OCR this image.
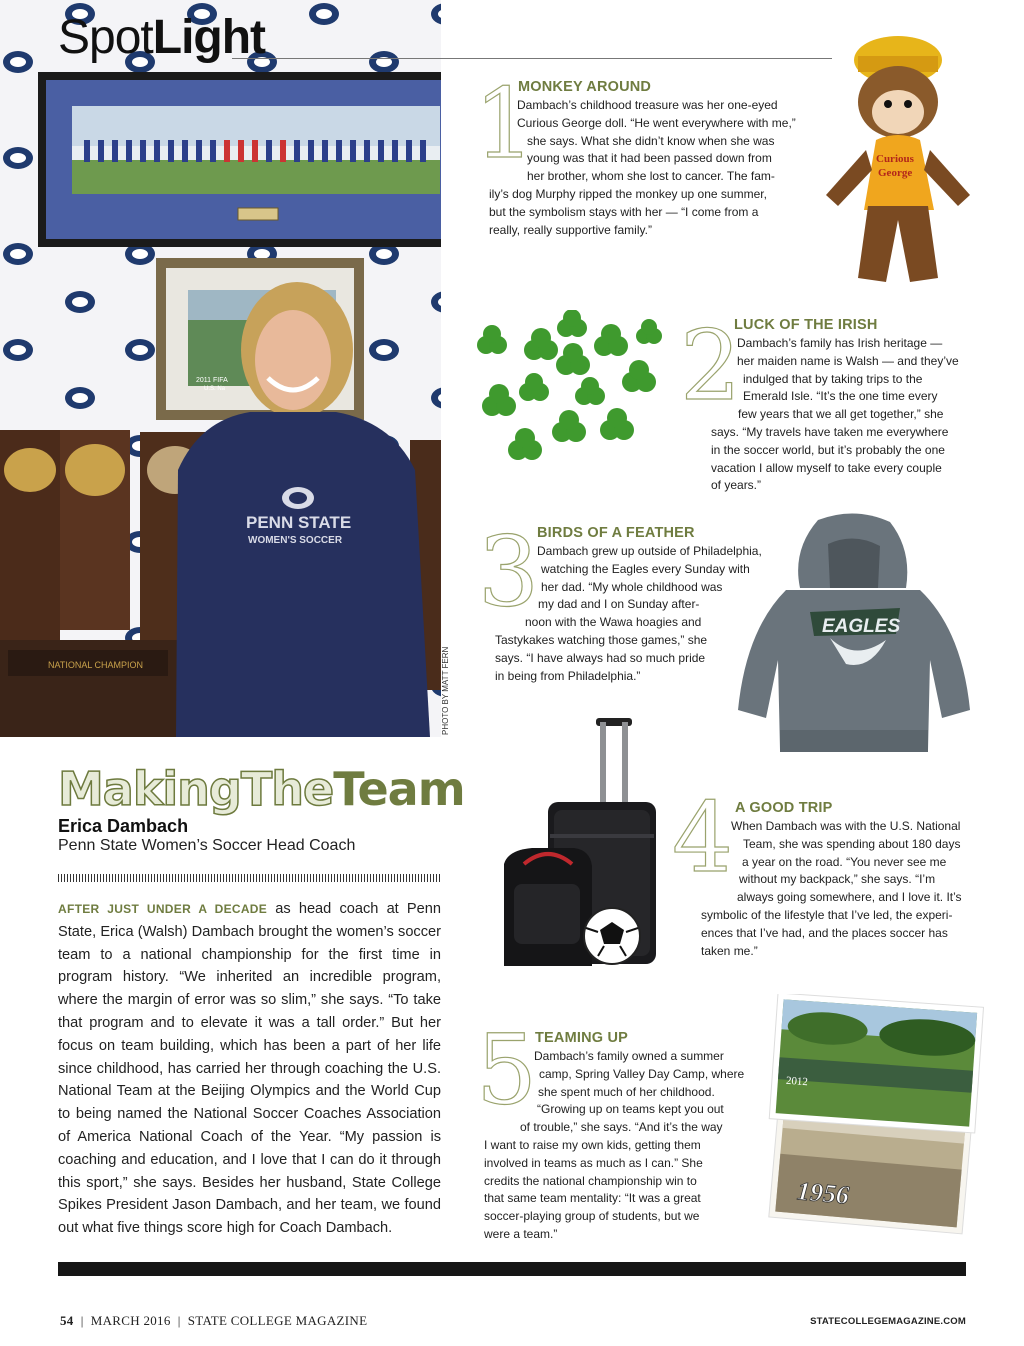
2011 FIFA
U.S. Na
NATIONAL CHAMPION
PENN STATE
WOMEN'S SOCCER
SpotLight
PHOTO BY MATT FERN
MakingTheTeam
Erica Dambach
Penn State Women’s Soccer Head Coach
AFTER JUST UNDER A DECADE as head coach at Penn State, Erica (Walsh) Dambach brought the women’s soccer team to a national championship for the first time in program history. “We inherited an incredible program, where the margin of error was so slim,” she says. “To take that program and to elevate it was a tall order.” But her focus on team building, which has been a part of her life since childhood, has carried her through coaching the U.S. National Team at the Beijing Olympics and the World Cup to being named the National Soccer Coaches Association of America National Coach of the Year. “My passion is coaching and education, and I love that I can do it through this sport,” she says. Besides her husband, State College Spikes President Jason Dambach, and her team, we found out what five things score high for Coach Dambach.
1
MONKEY AROUND
Dambach’s childhood treasure was her one-eyed
Curious George doll. “He went everywhere with me,”
she says. What she didn’t know when she was
young was that it had been passed down from
her brother, whom she lost to cancer. The fam-
ily’s dog Murphy ripped the monkey up one summer,
but the symbolism stays with her — “I come from a
really, really supportive family.”
Curious
George
2
LUCK OF THE IRISH
Dambach’s family has Irish heritage —
her maiden name is Walsh — and they’ve
indulged that by taking trips to the
Emerald Isle. “It’s the one time every
few years that we all get together,” she
says. “My travels have taken me everywhere
in the soccer world, but it’s probably the one
vacation I allow myself to take every couple
of years.”
3
BIRDS OF A FEATHER
Dambach grew up outside of Philadelphia,
watching the Eagles every Sunday with
her dad. “My whole childhood was
my dad and I on Sunday after-
noon with the Wawa hoagies and
Tastykakes watching those games,” she
says. “I have always had so much pride
in being from Philadelphia.”
EAGLES
4 A GOOD TRIP
When Dambach was with the U.S. National
Team, she was spending about 180 days
a year on the road. “You never see me
without my backpack,” she says. “I’m
always going somewhere, and I love it. It’s
symbolic of the lifestyle that I’ve led, the experi-
ences that I’ve had, and the places soccer has
taken me.”
5
TEAMING UP
Dambach’s family owned a summer
camp, Spring Valley Day Camp, where
she spent much of her childhood.
“Growing up on teams kept you out
of trouble,” she says. “And it’s the way
I want to raise my own kids, getting them
involved in teams as much as I can.” She
credits the national championship win to
that same team mentality: “It was a great
soccer-playing group of students, but we
were a team.”
1956
2012
54  |  MARCH 2016  |  STATE COLLEGE MAGAZINE	STATECOLLEGEMAGAZINE.COM
